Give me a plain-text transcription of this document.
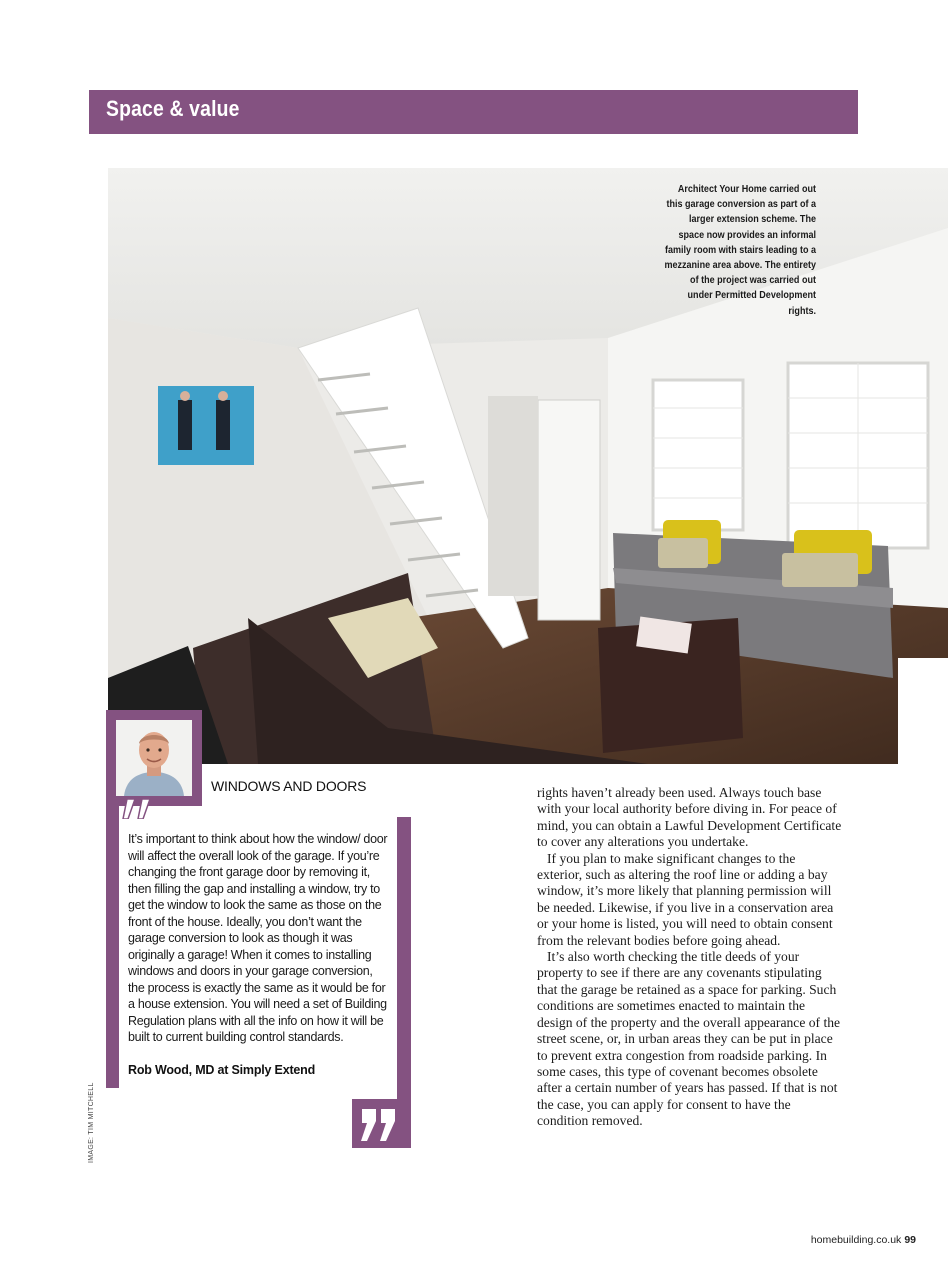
Space & value

Architect Your Home carried out this garage conversion as part of a larger extension scheme. The space now provides an informal family room with stairs leading to a mezzanine area above. The entirety of the project was carried out under Permitted Development rights.

WINDOWS AND DOORS

It’s important to think about how the window/ door will affect the overall look of the garage. If you’re changing the front garage door by removing it, then filling the gap and installing a window, try to get the window to look the same as those on the front of the house. Ideally, you don’t want the garage conversion to look as though it was originally a garage! When it comes to installing windows and doors in your garage conversion, the process is exactly the same as it would be for a house extension. You will need a set of Building Regulation plans with all the info on how it will be built to current building control standards.

Rob Wood, MD at Simply Extend

IMAGE: TIM MITCHELL

rights haven’t already been used. Always touch base with your local authority before diving in. For peace of mind, you can obtain a Lawful Development Certificate to cover any alterations you undertake.

If you plan to make significant changes to the exterior, such as altering the roof line or adding a bay window, it’s more likely that planning permission will be needed. Likewise, if you live in a conservation area or your home is listed, you will need to obtain consent from the relevant bodies before going ahead.

It’s also worth checking the title deeds of your property to see if there are any covenants stipulating that the garage be retained as a space for parking. Such conditions are sometimes enacted to maintain the design of the property and the overall appearance of the street scene, or, in urban areas they can be put in place to prevent extra congestion from roadside parking. In some cases, this type of covenant becomes obsolete after a certain number of years has passed. If that is not the case, you can apply for consent to have the condition removed.

homebuilding.co.uk 99
